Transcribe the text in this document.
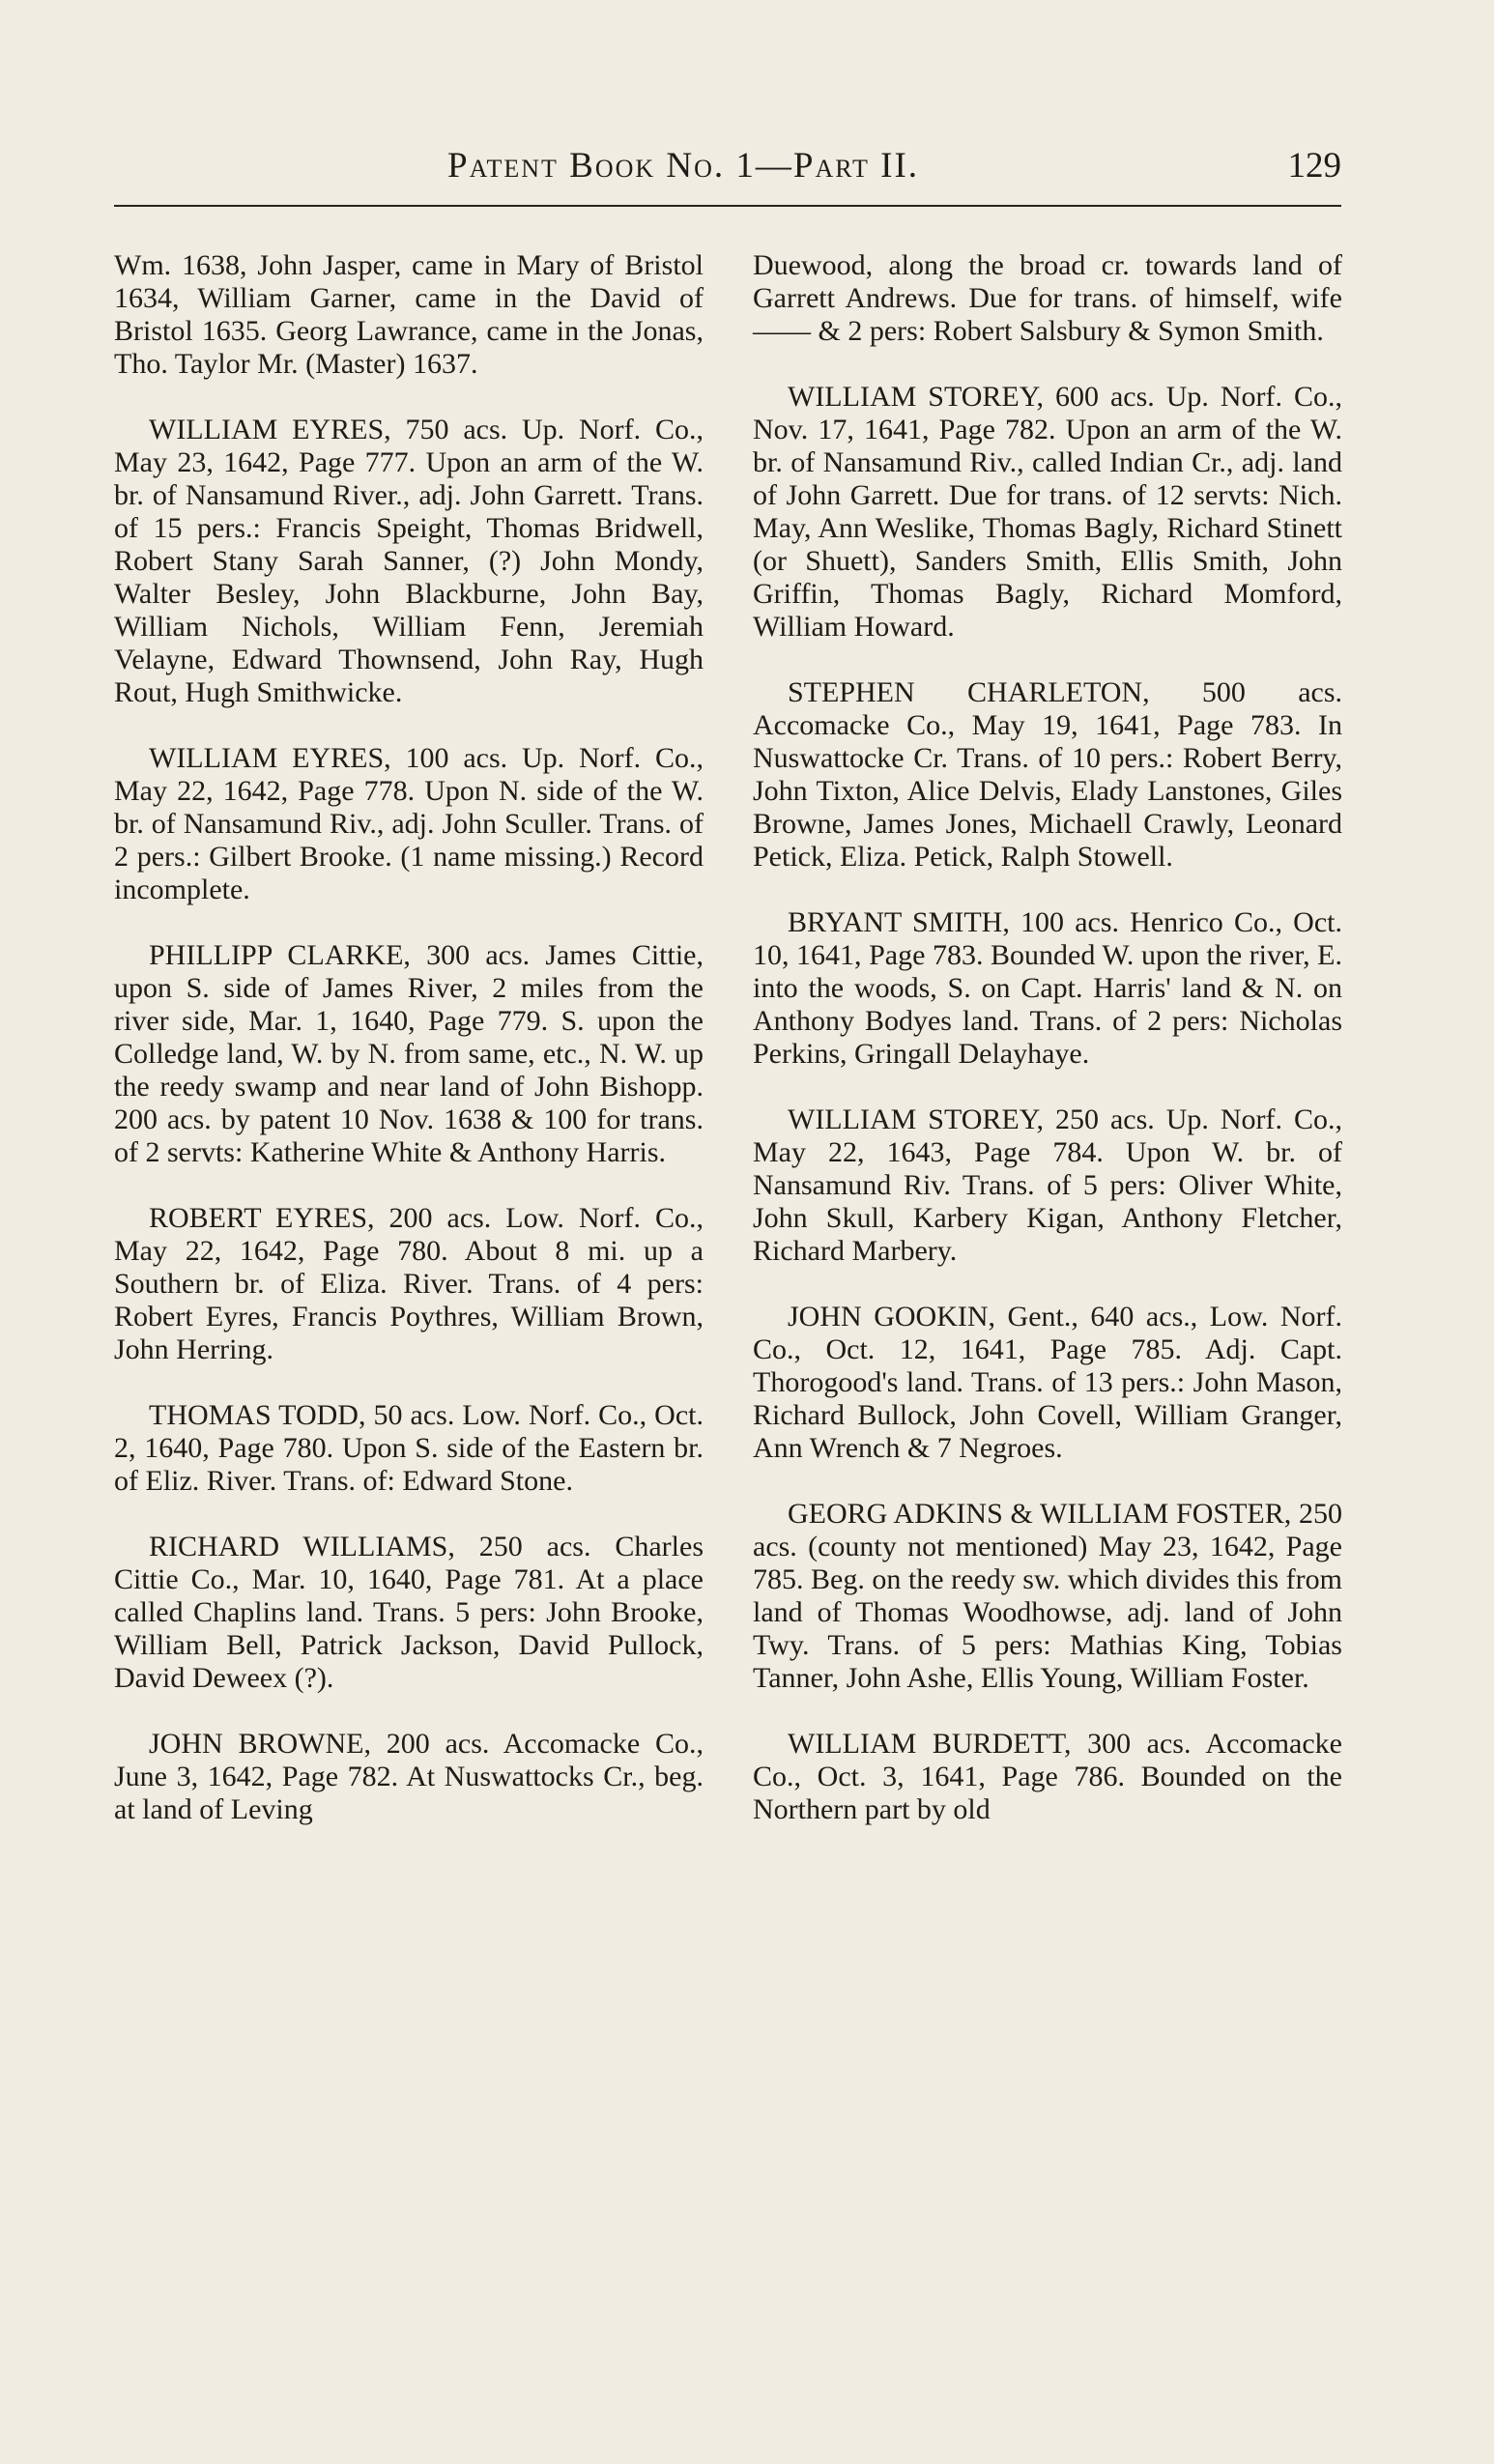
Patent Book No. 1—Part II.	129

Wm. 1638, John Jasper, came in Mary of Bristol 1634, William Garner, came in the David of Bristol 1635. Georg Lawrance, came in the Jonas, Tho. Taylor Mr. (Master) 1637.

WILLIAM EYRES, 750 acs. Up. Norf. Co., May 23, 1642, Page 777. Upon an arm of the W. br. of Nansamund River., adj. John Garrett. Trans. of 15 pers.: Francis Speight, Thomas Bridwell, Robert Stany Sarah Sanner, (?) John Mondy, Walter Besley, John Blackburne, John Bay, William Nichols, William Fenn, Jeremiah Velayne, Edward Thownsend, John Ray, Hugh Rout, Hugh Smithwicke.

WILLIAM EYRES, 100 acs. Up. Norf. Co., May 22, 1642, Page 778. Upon N. side of the W. br. of Nansamund Riv., adj. John Sculler. Trans. of 2 pers.: Gilbert Brooke. (1 name missing.) Record incomplete.

PHILLIPP CLARKE, 300 acs. James Cittie, upon S. side of James River, 2 miles from the river side, Mar. 1, 1640, Page 779. S. upon the Colledge land, W. by N. from same, etc., N. W. up the reedy swamp and near land of John Bishopp. 200 acs. by patent 10 Nov. 1638 & 100 for trans. of 2 servts: Katherine White & Anthony Harris.

ROBERT EYRES, 200 acs. Low. Norf. Co., May 22, 1642, Page 780. About 8 mi. up a Southern br. of Eliza. River. Trans. of 4 pers: Robert Eyres, Francis Poythres, William Brown, John Herring.

THOMAS TODD, 50 acs. Low. Norf. Co., Oct. 2, 1640, Page 780. Upon S. side of the Eastern br. of Eliz. River. Trans. of: Edward Stone.

RICHARD WILLIAMS, 250 acs. Charles Cittie Co., Mar. 10, 1640, Page 781. At a place called Chaplins land. Trans. 5 pers: John Brooke, William Bell, Patrick Jackson, David Pullock, David Deweex (?).

JOHN BROWNE, 200 acs. Accomacke Co., June 3, 1642, Page 782. At Nuswattocks Cr., beg. at land of Leving

Duewood, along the broad cr. towards land of Garrett Andrews. Due for trans. of himself, wife —— & 2 pers: Robert Salsbury & Symon Smith.

WILLIAM STOREY, 600 acs. Up. Norf. Co., Nov. 17, 1641, Page 782. Upon an arm of the W. br. of Nansamund Riv., called Indian Cr., adj. land of John Garrett. Due for trans. of 12 servts: Nich. May, Ann Weslike, Thomas Bagly, Richard Stinett (or Shuett), Sanders Smith, Ellis Smith, John Griffin, Thomas Bagly, Richard Momford, William Howard.

STEPHEN CHARLETON, 500 acs. Accomacke Co., May 19, 1641, Page 783. In Nuswattocke Cr. Trans. of 10 pers.: Robert Berry, John Tixton, Alice Delvis, Elady Lanstones, Giles Browne, James Jones, Michaell Crawly, Leonard Petick, Eliza. Petick, Ralph Stowell.

BRYANT SMITH, 100 acs. Henrico Co., Oct. 10, 1641, Page 783. Bounded W. upon the river, E. into the woods, S. on Capt. Harris' land & N. on Anthony Bodyes land. Trans. of 2 pers: Nicholas Perkins, Gringall Delayhaye.

WILLIAM STOREY, 250 acs. Up. Norf. Co., May 22, 1643, Page 784. Upon W. br. of Nansamund Riv. Trans. of 5 pers: Oliver White, John Skull, Karbery Kigan, Anthony Fletcher, Richard Marbery.

JOHN GOOKIN, Gent., 640 acs., Low. Norf. Co., Oct. 12, 1641, Page 785. Adj. Capt. Thorogood's land. Trans. of 13 pers.: John Mason, Richard Bullock, John Covell, William Granger, Ann Wrench & 7 Negroes.

GEORG ADKINS & WILLIAM FOSTER, 250 acs. (county not mentioned) May 23, 1642, Page 785. Beg. on the reedy sw. which divides this from land of Thomas Woodhowse, adj. land of John Twy. Trans. of 5 pers: Mathias King, Tobias Tanner, John Ashe, Ellis Young, William Foster.

WILLIAM BURDETT, 300 acs. Accomacke Co., Oct. 3, 1641, Page 786. Bounded on the Northern part by old
